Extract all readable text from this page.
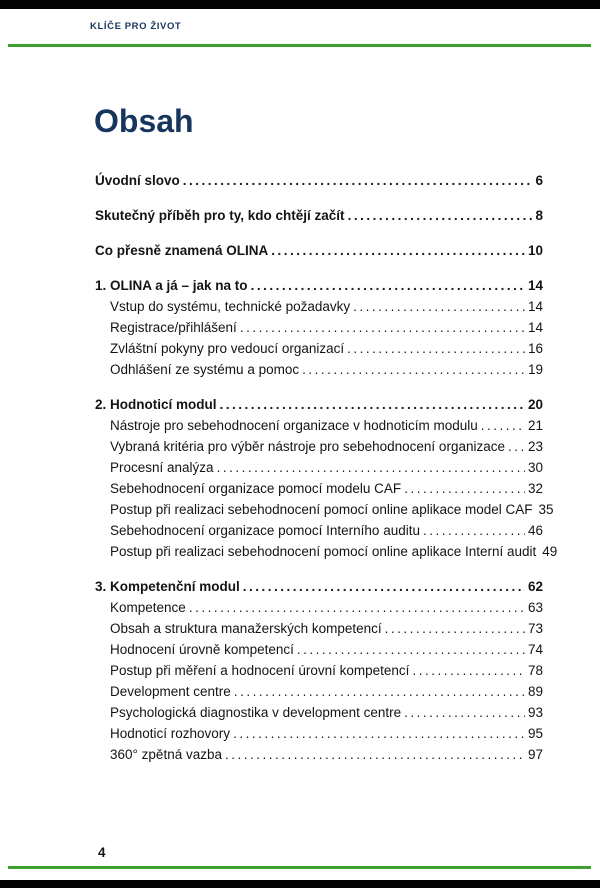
KLÍČE PRO ŽIVOT
Obsah
Úvodní slovo .....	6
Skutečný příběh pro ty, kdo chtějí začít .....	8
Co přesně znamená OLINA .....	10
1. OLINA a já – jak na to .....	14
Vstup do systému, technické požadavky .....	14
Registrace/přihlášení .....	14
Zvláštní pokyny pro vedoucí organizací .....	16
Odhlášení ze systému a pomoc .....	19
2. Hodnoticí modul .....	20
Nástroje pro sebehodnocení organizace v hodnoticím modulu .....	21
Vybraná kritéria pro výběr nástroje pro sebehodnocení organizace ..... 23
Procesní analýza .....	30
Sebehodnocení organizace pomocí modelu CAF .....	32
Postup při realizaci sebehodnocení pomocí online aplikace model CAF 35
Sebehodnocení organizace pomocí Interního auditu .....	46
Postup při realizaci sebehodnocení pomocí online aplikace Interní audit 49
3. Kompetenční modul .....	62
Kompetence .....	63
Obsah a struktura manažerských kompetencí .....	73
Hodnocení úrovně kompetencí .....	74
Postup při měření a hodnocení úrovní kompetencí .....	78
Development centre .....	89
Psychologická diagnostika v development centre .....	93
Hodnoticí rozhovory .....	95
360° zpětná vazba .....	97
4
